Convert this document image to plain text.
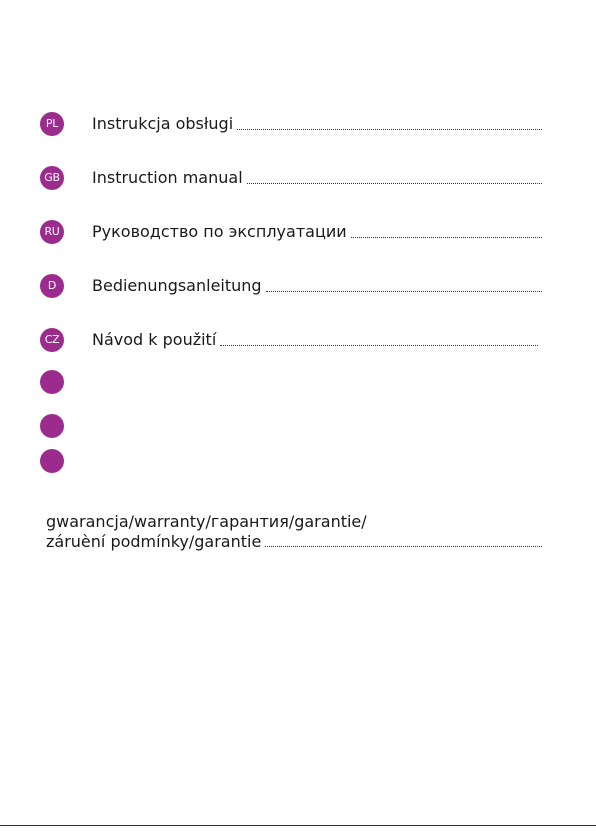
PL	Instrukcja obsługi
GB Instruction manual
RU Руководство по эксплуатации
D	Bedienungsanleitung
CZ Návod k použití
gwarancja/warranty/гарантия/garantie/
záruèní podmínky/garantie
